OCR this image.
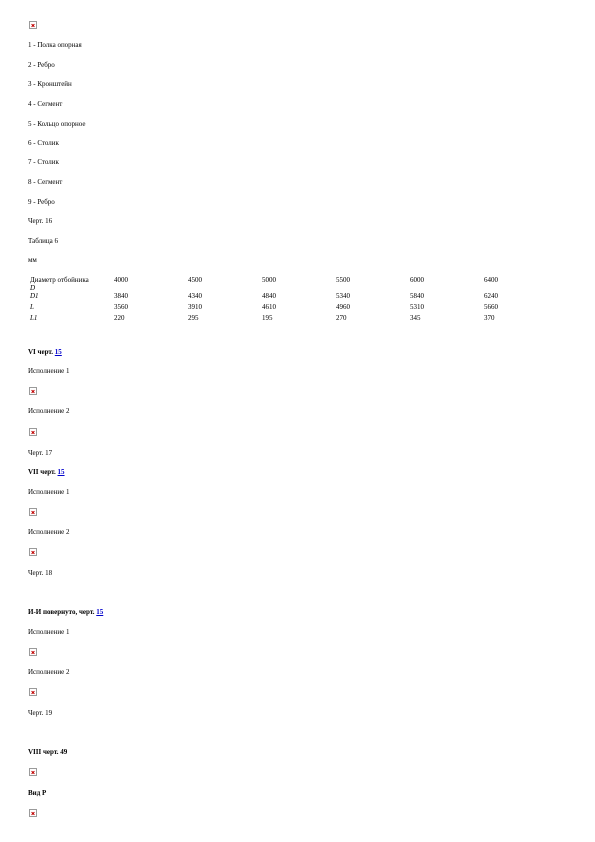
1 - Полка опорная
2 - Ребро
3 - Кронштейн
4 - Сегмент
5 - Кольцо опорное
6 - Столик
7 - Столик
8 - Сегмент
9 - Ребро
Черт. 16
Таблица 6
мм
Диаметр отбойника
D	4000	4500	5000	5500	6000	6400
D1	3840	4340	4840	5340	5840	6240
L	3560	3910	4610	4960	5310	5660
L1	220	295	195	270	345	370
VI черт. 15
Исполнение 1
Исполнение 2
Черт. 17
VII черт. 15
Исполнение 1
Исполнение 2
Черт. 18
И-И повернуто, черт. 15
Исполнение 1
Исполнение 2
Черт. 19
VIII черт. 49
Вид Р
